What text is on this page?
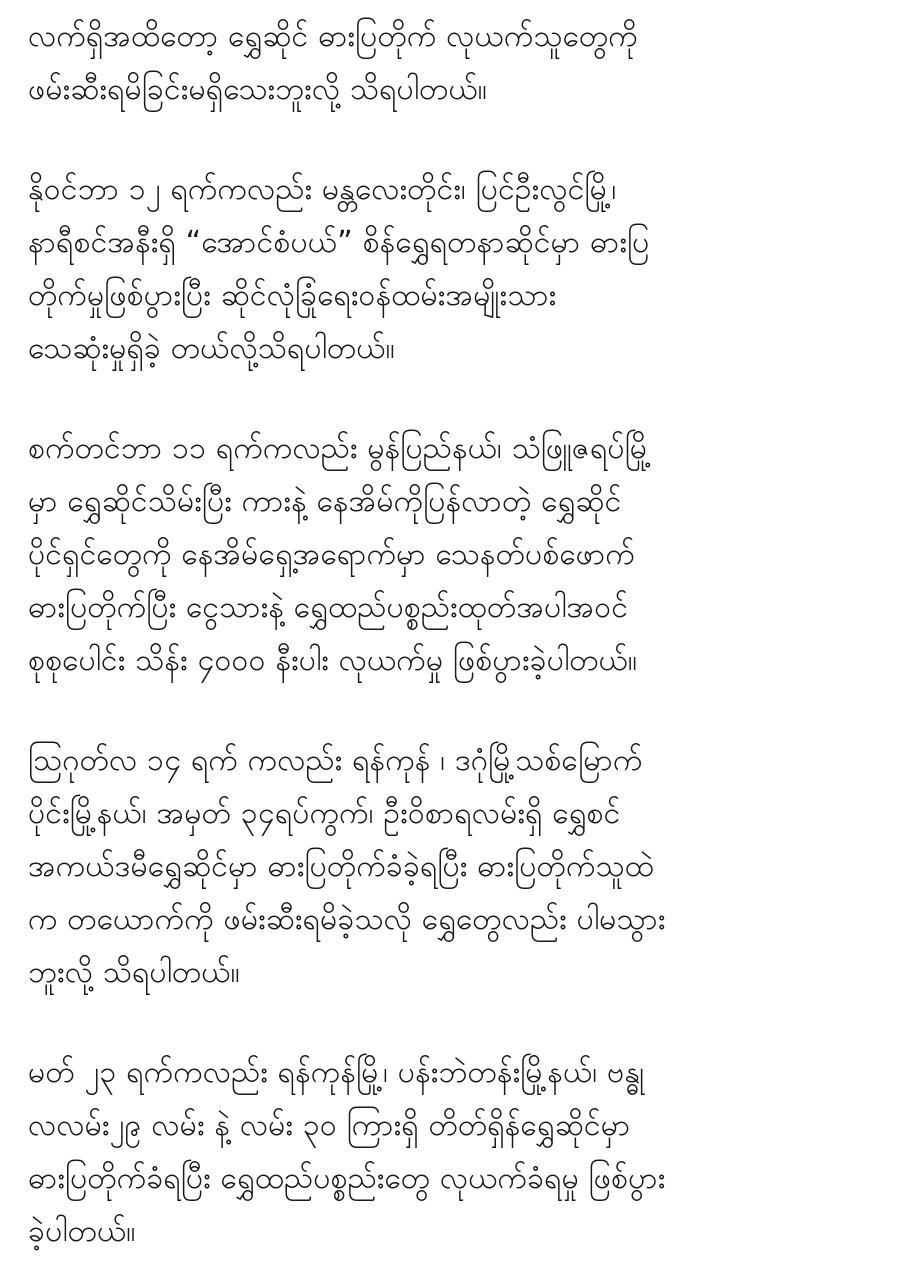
လက်ရှိအထိတော့ ရွှေဆိုင် ဓားပြတိုက် လုယက်သူတွေကို
ဖမ်းဆီးရမိခြင်းမရှိသေးဘူးလို့ သိရပါတယ်။

နိုဝင်ဘာ ၁၂ ရက်ကလည်း မန္တလေးတိုင်း၊ ပြင်ဦးလွင်မြို့၊
နာရီစင်အနီးရှိ “အောင်စံပယ်” စိန်ရွှေရတနာဆိုင်မှာ ဓားပြ
တိုက်မှုဖြစ်ပွားပြီး ဆိုင်လုံခြုံရေးဝန်ထမ်းအမျိုးသား
သေဆုံးမှုရှိခဲ့ တယ်လို့သိရပါတယ်။

စက်တင်ဘာ ၁၁ ရက်ကလည်း မွန်ပြည်နယ်၊ သံဖြူဇရပ်မြို့
မှာ ရွှေဆိုင်သိမ်းပြီး ကားနဲ့ နေအိမ်ကိုပြန်လာတဲ့ ရွှေဆိုင်
ပိုင်ရှင်တွေကို နေအိမ်ရှေ့အရောက်မှာ သေနတ်ပစ်ဖောက်
ဓားပြတိုက်ပြီး ငွေသားနဲ့ ရွှေထည်ပစ္စည်းထုတ်အပါအဝင်
စုစုပေါင်း သိန်း ၄၀၀၀ နီးပါး လုယက်မှု ဖြစ်ပွားခဲ့ပါတယ်။

ဩဂုတ်လ ၁၄ ရက် ကလည်း ရန်ကုန် ၊ ဒဂုံမြို့သစ်မြောက်
ပိုင်းမြို့နယ်၊ အမှတ် ၃၄ရပ်ကွက်၊ ဦးဝိစာရလမ်းရှိ ရွှေစင်
အကယ်ဒမီရွှေဆိုင်မှာ ဓားပြတိုက်ခံခဲ့ရပြီး ဓားပြတိုက်သူထဲ
က တယောက်ကို ဖမ်းဆီးရမိခဲ့သလို ရွှေတွေလည်း ပါမသွား
ဘူးလို့ သိရပါတယ်။

မတ် ၂၃ ရက်ကလည်း ရန်ကုန်မြို့၊ ပန်းဘဲတန်းမြို့နယ်၊ ဗန္ဓု
လလမ်း၂၉ လမ်း နဲ့ လမ်း ၃၀ ကြားရှိ တိတ်ရှိန်ရွှေဆိုင်မှာ
ဓားပြတိုက်ခံရပြီး ရွှေထည်ပစ္စည်းတွေ လုယက်ခံရမှု ဖြစ်ပွား
ခဲ့ပါတယ်။
